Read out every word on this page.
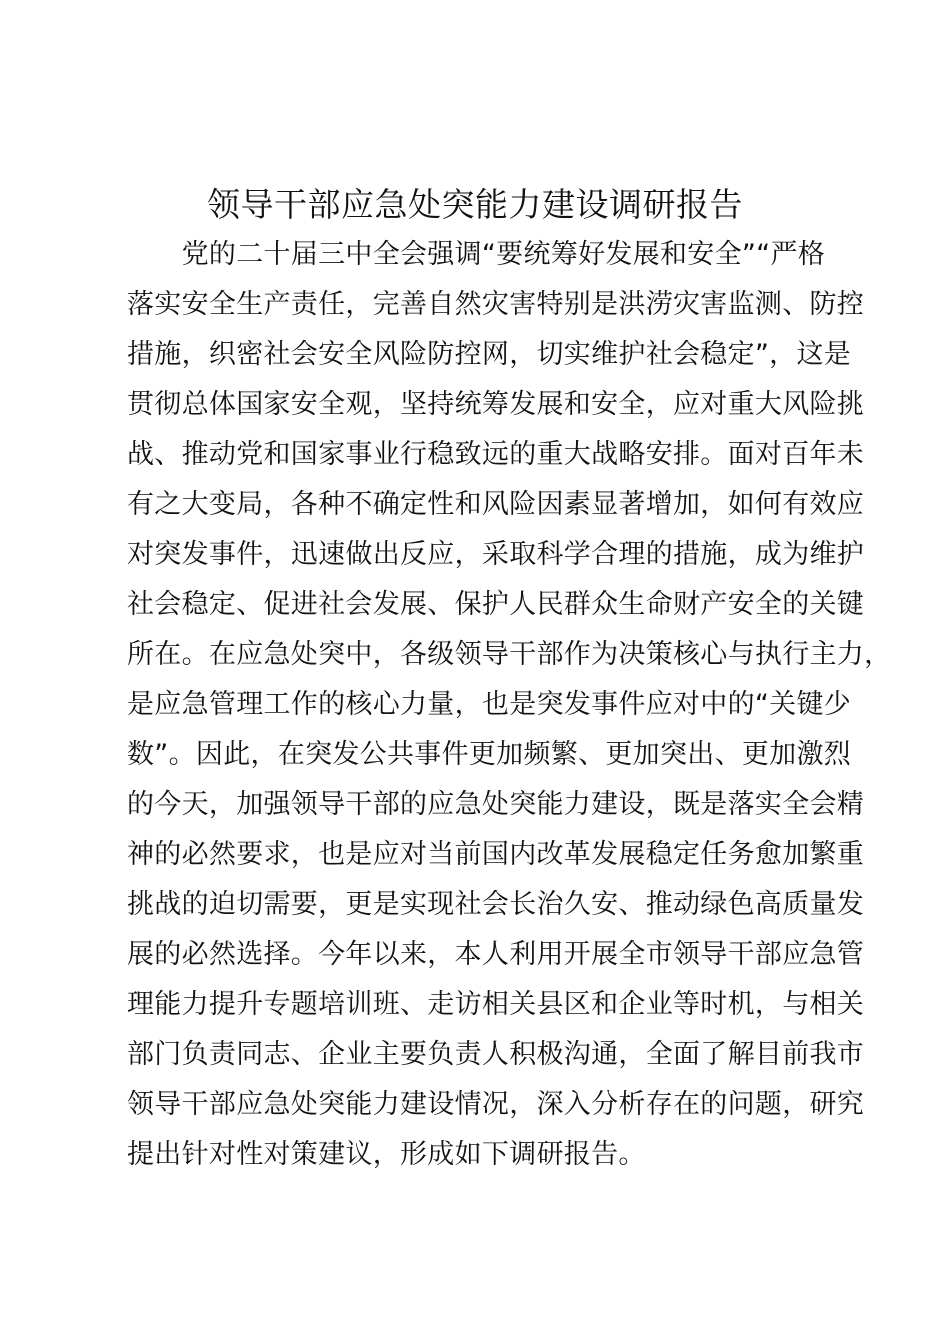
领导干部应急处突能力建设调研报告
　　党的二十届三中全会强调“要统筹好发展和安全”“严格
落实安全生产责任，完善自然灾害特别是洪涝灾害监测、防控
措施，织密社会安全风险防控网，切实维护社会稳定”，这是
贯彻总体国家安全观，坚持统筹发展和安全，应对重大风险挑
战、推动党和国家事业行稳致远的重大战略安排。面对百年未
有之大变局，各种不确定性和风险因素显著增加，如何有效应
对突发事件，迅速做出反应，采取科学合理的措施，成为维护
社会稳定、促进社会发展、保护人民群众生命财产安全的关键
所在。在应急处突中，各级领导干部作为决策核心与执行主力，
是应急管理工作的核心力量，也是突发事件应对中的“关键少
数”。因此，在突发公共事件更加频繁、更加突出、更加激烈
的今天，加强领导干部的应急处突能力建设，既是落实全会精
神的必然要求，也是应对当前国内改革发展稳定任务愈加繁重
挑战的迫切需要，更是实现社会长治久安、推动绿色高质量发
展的必然选择。今年以来，本人利用开展全市领导干部应急管
理能力提升专题培训班、走访相关县区和企业等时机，与相关
部门负责同志、企业主要负责人积极沟通，全面了解目前我市
领导干部应急处突能力建设情况，深入分析存在的问题，研究
提出针对性对策建议，形成如下调研报告。
